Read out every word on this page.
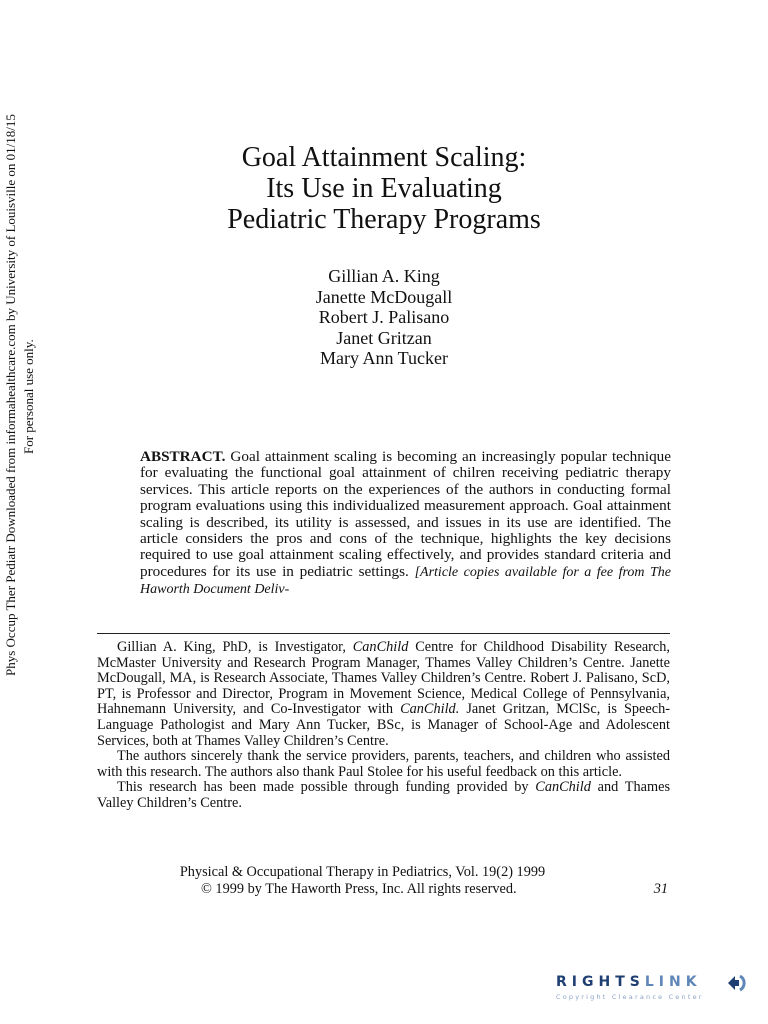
Phys Occup Ther Pediatr Downloaded from informahealthcare.com by University of Louisville on 01/18/15 For personal use only.
Goal Attainment Scaling:
Its Use in Evaluating
Pediatric Therapy Programs
Gillian A. King
Janette McDougall
Robert J. Palisano
Janet Gritzan
Mary Ann Tucker
ABSTRACT. Goal attainment scaling is becoming an increasingly popular technique for evaluating the functional goal attainment of chilren receiving pediatric therapy services. This article reports on the experiences of the authors in conducting formal program evaluations using this individualized measurement approach. Goal attainment scaling is described, its utility is assessed, and issues in its use are identified. The article considers the pros and cons of the technique, highlights the key decisions required to use goal attainment scaling effectively, and provides standard criteria and procedures for its use in pediatric settings. [Article copies available for a fee from The Haworth Document Deliv-

Gillian A. King, PhD, is Investigator, CanChild Centre for Childhood Disability Research, McMaster University and Research Program Manager, Thames Valley Children’s Centre. Janette McDougall, MA, is Research Associate, Thames Valley Children’s Centre. Robert J. Palisano, ScD, PT, is Professor and Director, Program in Movement Science, Medical College of Pennsylvania, Hahnemann University, and Co-Investigator with CanChild. Janet Gritzan, MClSc, is Speech-Language Pathologist and Mary Ann Tucker, BSc, is Manager of School-Age and Adolescent Services, both at Thames Valley Children’s Centre.

The authors sincerely thank the service providers, parents, teachers, and children who assisted with this research. The authors also thank Paul Stolee for his useful feedback on this article.

This research has been made possible through funding provided by CanChild and Thames Valley Children’s Centre.

Physical & Occupational Therapy in Pediatrics, Vol. 19(2) 1999
© 1999 by The Haworth Press, Inc. All rights reserved.	31
RIGHTSLINK
Copyright Clearance Center
